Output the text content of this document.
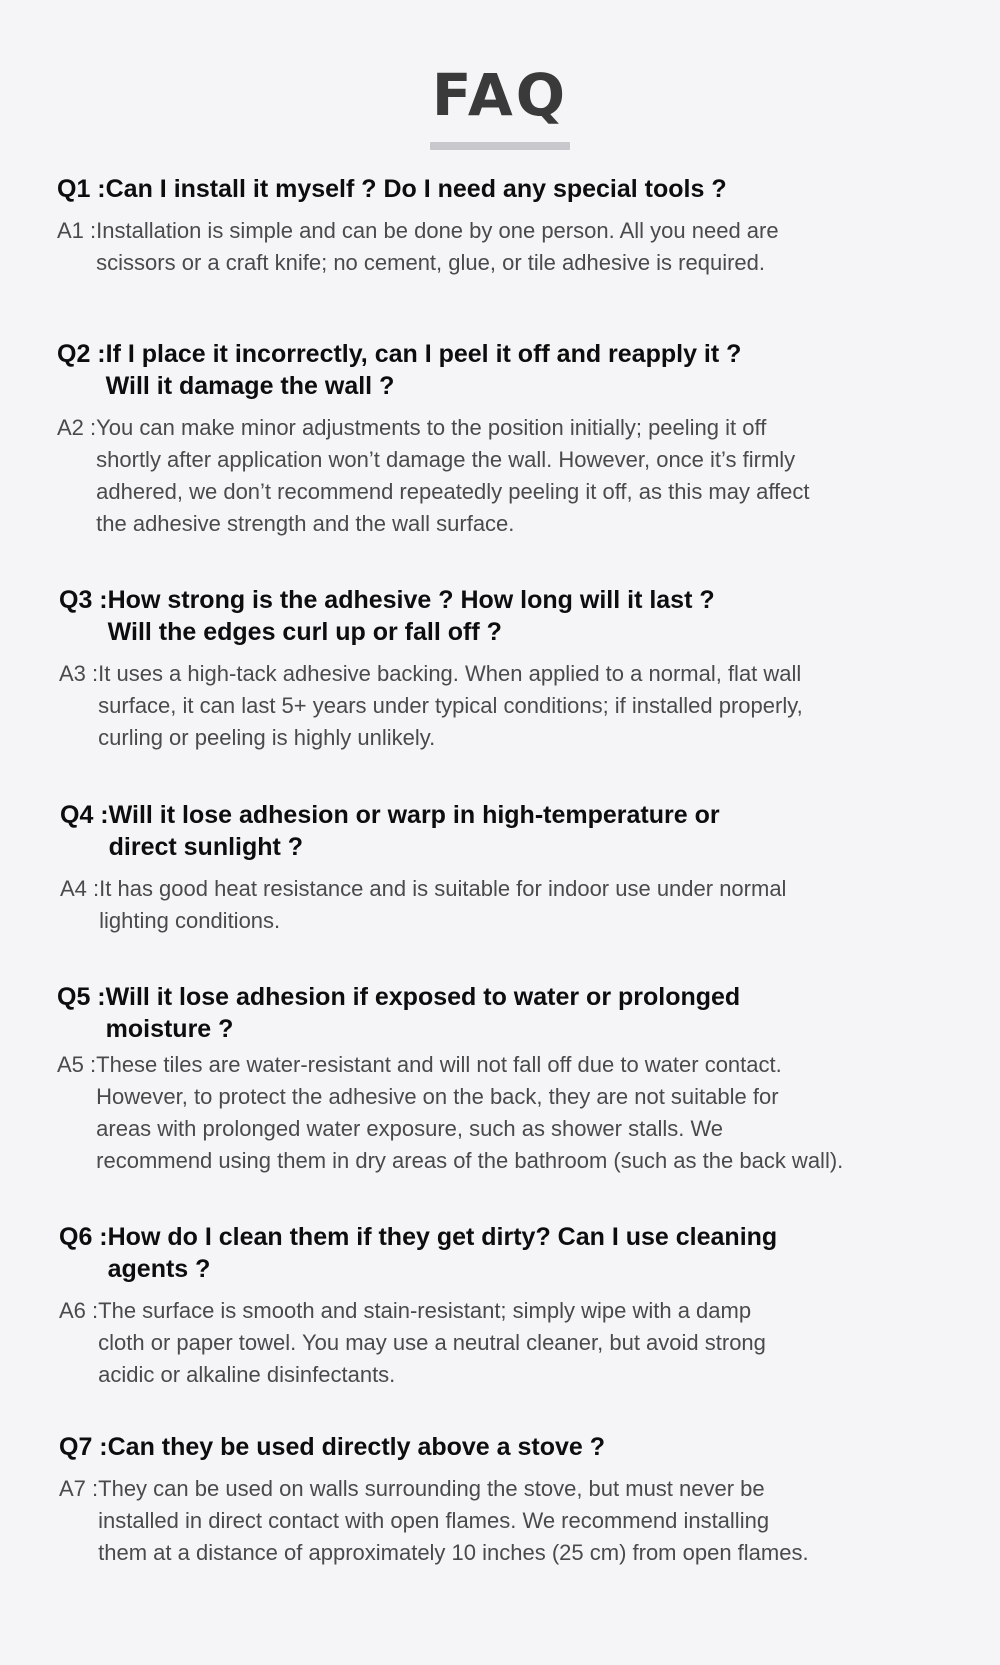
FAQ
Q1 : Can I install it myself ? Do I need any special tools ?

A1 : Installation is simple and can be done by one person. All you need are

scissors or a craft knife; no cement, glue, or tile adhesive is required.

Q2 : If I place it incorrectly, can I peel it off and reapply it ?

Will it damage the wall ?

A2 : You can make minor adjustments to the position initially; peeling it off

shortly after application won’t damage the wall. However, once it’s firmly

adhered, we don’t recommend repeatedly peeling it off, as this may affect

the adhesive strength and the wall surface.

Q3 : How strong is the adhesive ? How long will it last ?

Will the edges curl up or fall off ?

A3 : It uses a high-tack adhesive backing. When applied to a normal, flat wall

surface, it can last 5+ years under typical conditions; if installed properly,

curling or peeling is highly unlikely.

Q4 : Will it lose adhesion or warp in high-temperature or

direct sunlight ?

A4 : It has good heat resistance and is suitable for indoor use under normal

lighting conditions.

Q5 : Will it lose adhesion if exposed to water or prolonged

moisture ?

A5 : These tiles are water-resistant and will not fall off due to water contact.

However, to protect the adhesive on the back, they are not suitable for

areas with prolonged water exposure, such as shower stalls. We

recommend using them in dry areas of the bathroom (such as the back wall).

Q6 : How do I clean them if they get dirty? Can I use cleaning

agents ?

A6 : The surface is smooth and stain-resistant; simply wipe with a damp

cloth or paper towel. You may use a neutral cleaner, but avoid strong

acidic or alkaline disinfectants.

Q7 : Can they be used directly above a stove ?

A7 : They can be used on walls surrounding the stove, but must never be

installed in direct contact with open flames. We recommend installing

them at a distance of approximately 10 inches (25 cm) from open flames.
